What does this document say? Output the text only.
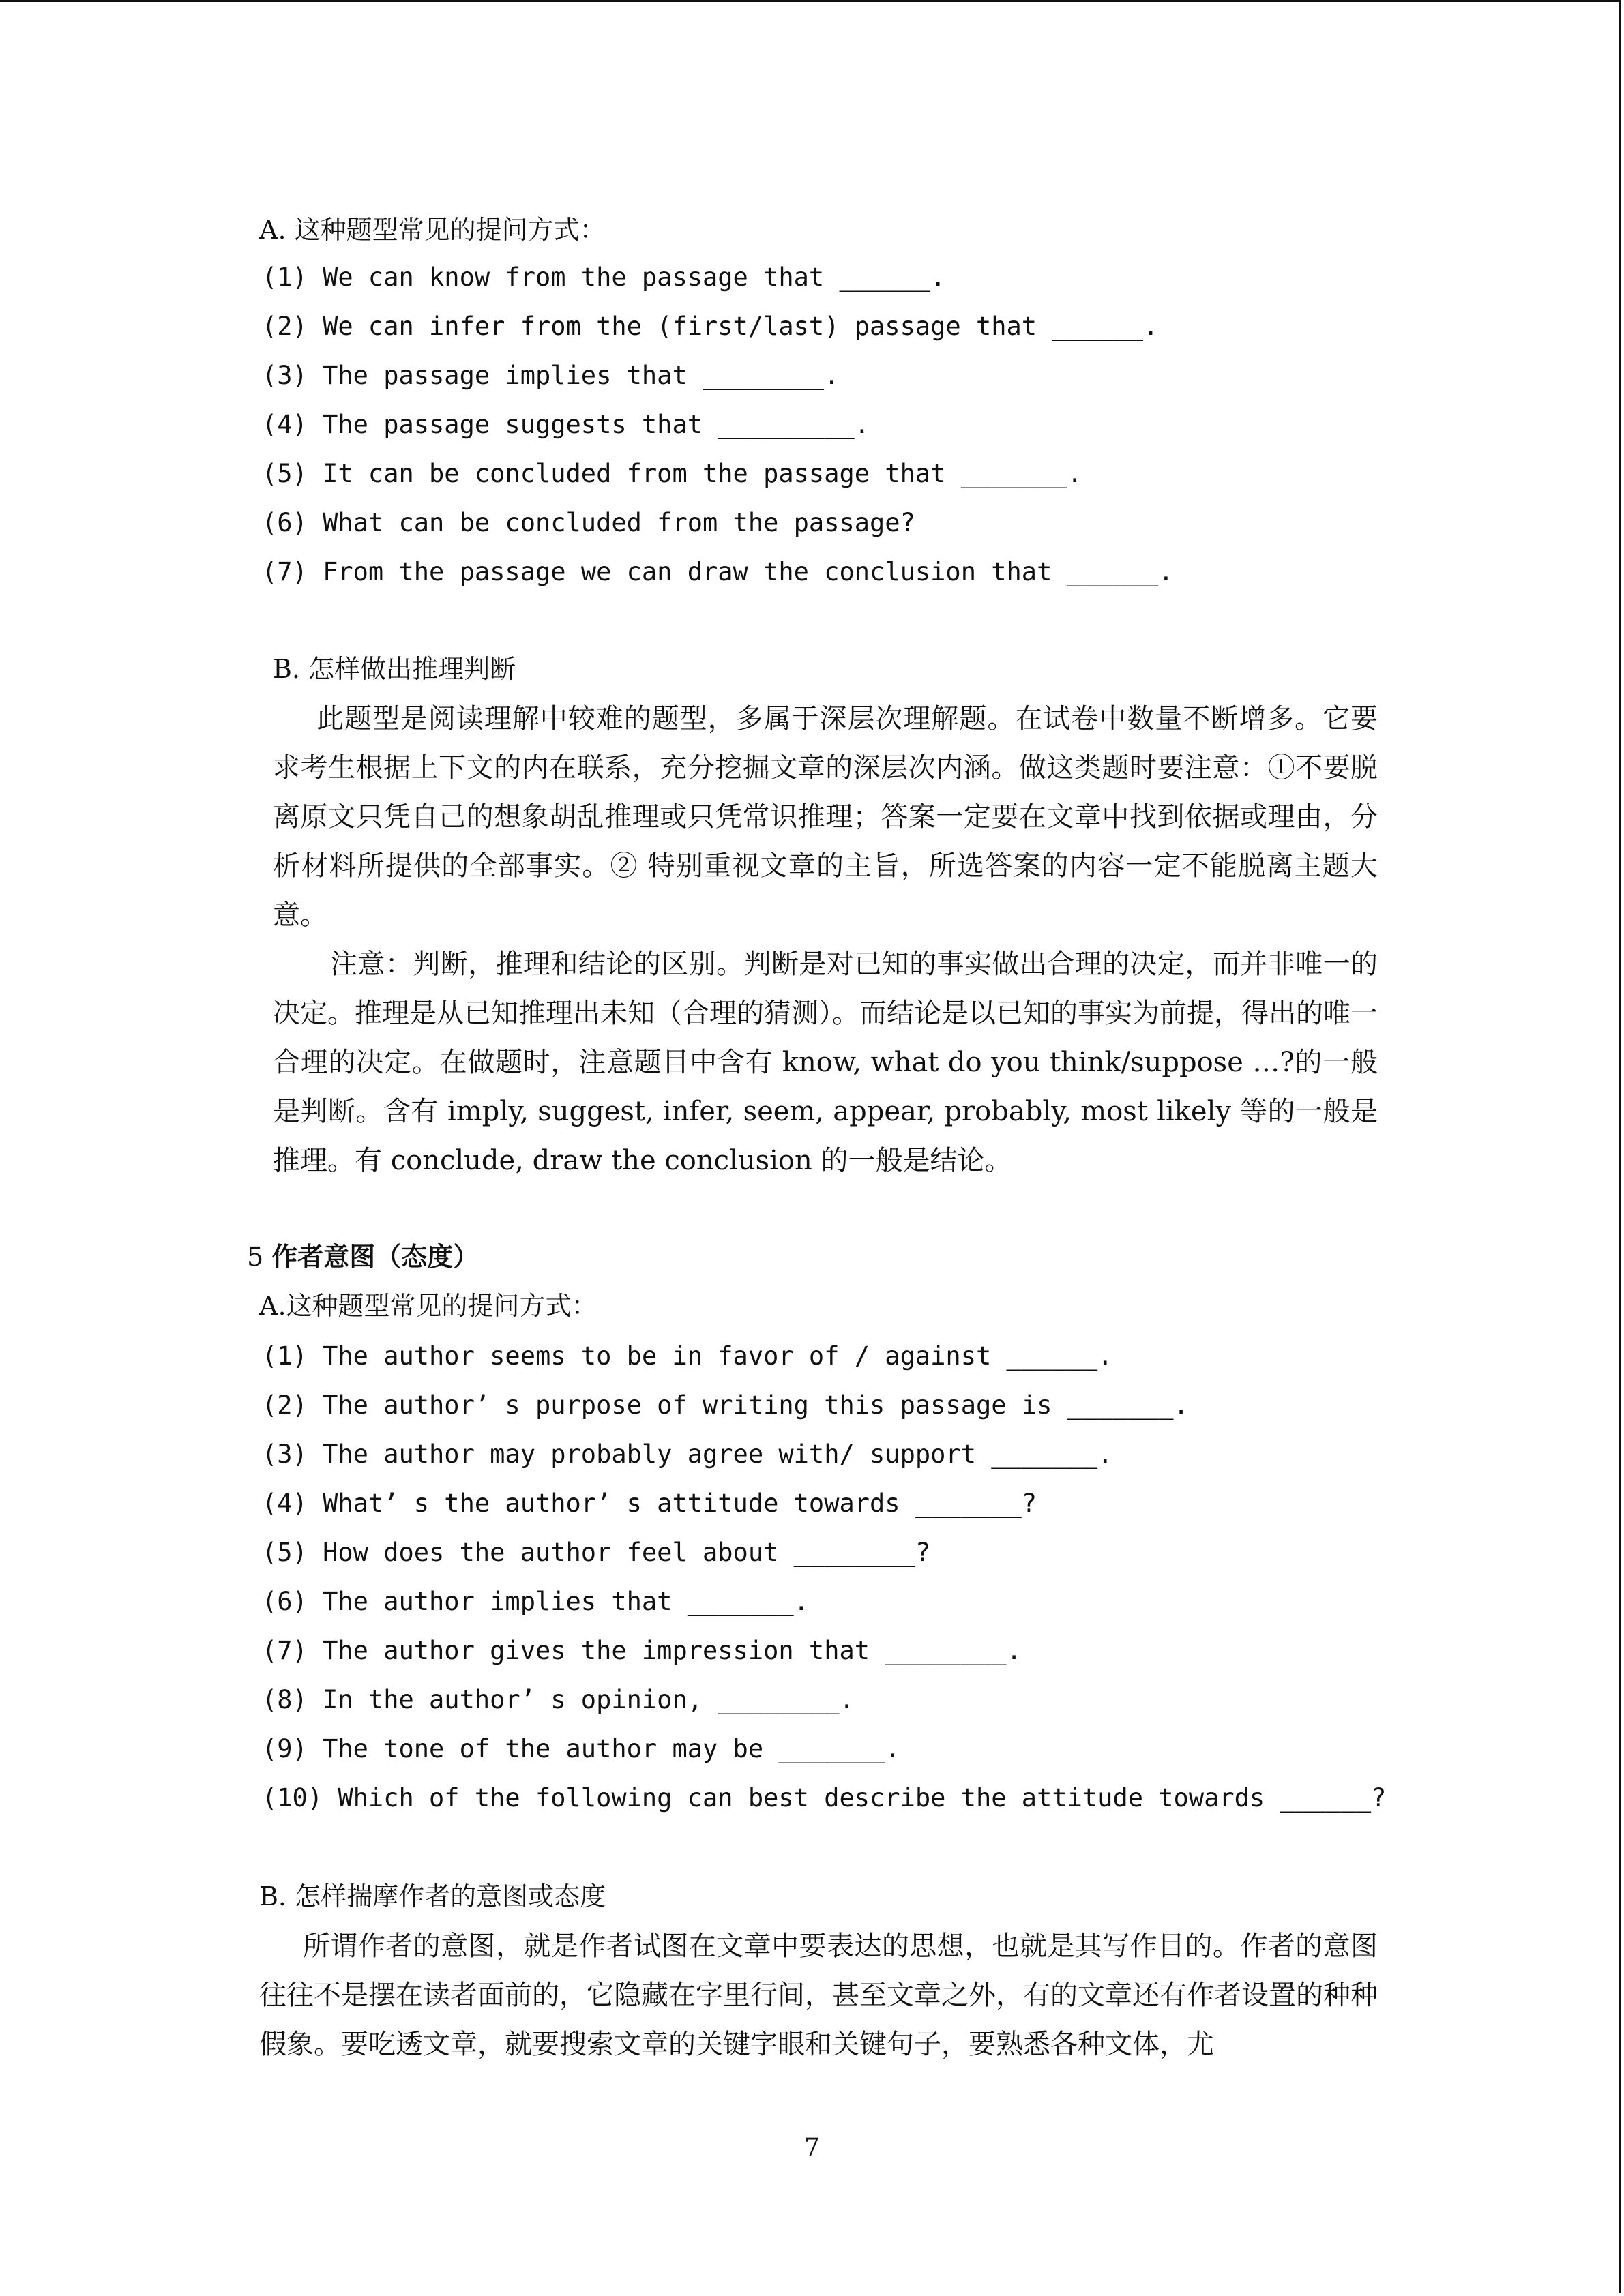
A. 这种题型常见的提问方式：
(1) We can know from the passage that ______.
(2) We can infer from the (first/last) passage that ______.
(3) The passage implies that ________.
(4) The passage suggests that _________.
(5) It can be concluded from the passage that _______.
(6) What can be concluded from the passage?
(7) From the passage we can draw the conclusion that ______.
B. 怎样做出推理判断

此题型是阅读理解中较难的题型，多属于深层次理解题。在试卷中数量不断增多。它要求考生根据上下文的内在联系，充分挖掘文章的深层次内涵。做这类题时要注意：①不要脱离原文只凭自己的想象胡乱推理或只凭常识推理；答案一定要在文章中找到依据或理由，分析材料所提供的全部事实。② 特别重视文章的主旨，所选答案的内容一定不能脱离主题大意。

注意：判断，推理和结论的区别。判断是对已知的事实做出合理的决定，而并非唯一的决定。推理是从已知推理出未知（合理的猜测）。而结论是以已知的事实为前提，得出的唯一合理的决定。在做题时，注意题目中含有 know, what do you think/suppose …?的一般是判断。含有 imply, suggest, infer, seem, appear, probably, most likely 等的一般是推理。有 conclude, draw the conclusion 的一般是结论。

5 作者意图（态度）
A.这种题型常见的提问方式：
(1) The author seems to be in favor of / against ______.
(2) The author’ s purpose of writing this passage is _______.
(3) The author may probably agree with/ support _______.
(4) What’ s the author’ s attitude towards _______?
(5) How does the author feel about ________?
(6) The author implies that _______.
(7) The author gives the impression that ________.
(8) In the author’ s opinion, ________.
(9) The tone of the author may be _______.
(10) Which of the following can best describe the attitude towards ______?
B. 怎样揣摩作者的意图或态度

所谓作者的意图，就是作者试图在文章中要表达的思想，也就是其写作目的。作者的意图往往不是摆在读者面前的，它隐藏在字里行间，甚至文章之外，有的文章还有作者设置的种种假象。要吃透文章，就要搜索文章的关键字眼和关键句子，要熟悉各种文体，尤

7
